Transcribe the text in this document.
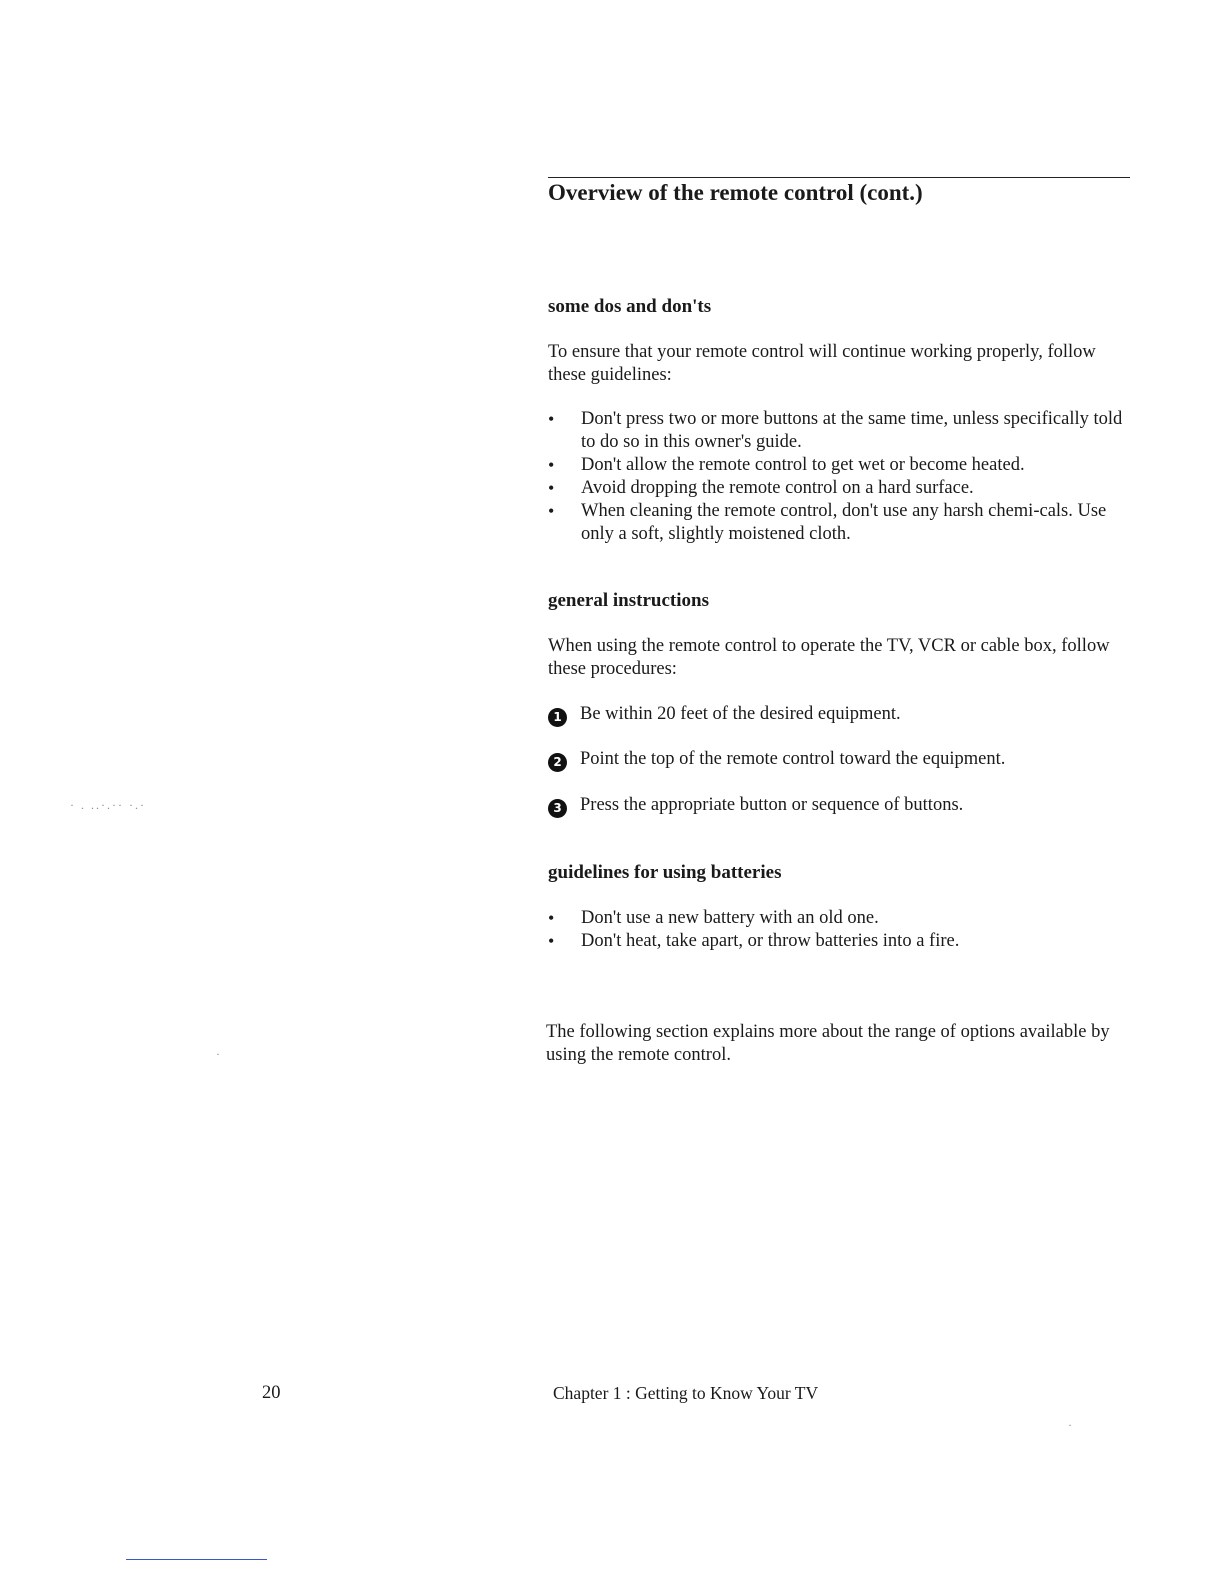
Overview of the remote control (cont.)
some dos and don'ts
To ensure that your remote control will continue working properly, follow these guidelines:
• Don't press two or more buttons at the same time, unless specifically told to do so in this owner's guide.
• Don't allow the remote control to get wet or become heated.
• Avoid dropping the remote control on a hard surface.
• When cleaning the remote control, don't use any harsh chemi-cals. Use only a soft, slightly moistened cloth.
general instructions
When using the remote control to operate the TV, VCR or cable box, follow these procedures:
1 Be within 20 feet of the desired equipment.
2 Point the top of the remote control toward the equipment.
3 Press the appropriate button or sequence of buttons.
guidelines for using batteries
• Don't use a new battery with an old one.
• Don't heat, take apart, or throw batteries into a fire.
The following section explains more about the range of options available by using the remote control.
20	Chapter 1 : Getting to Know Your TV
· . ..·.·· ·.·
·
·
